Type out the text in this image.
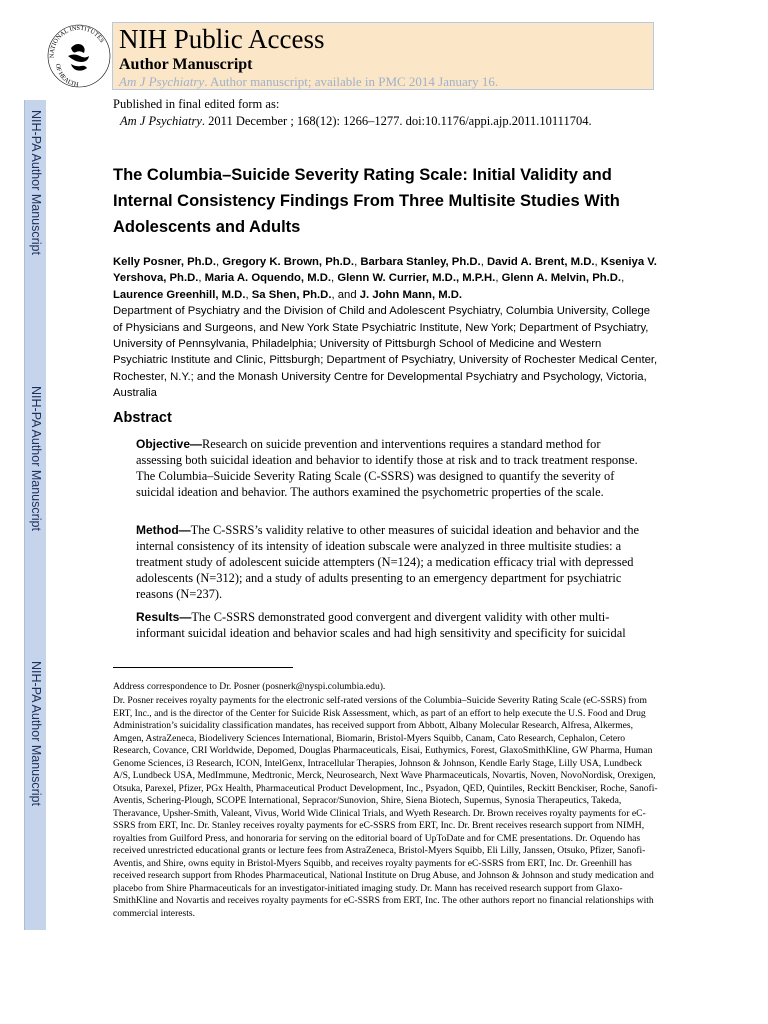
NIH-PA Author Manuscript
NIH-PA Author Manuscript
NIH-PA Author Manuscript
NATIONAL INSTITUTES
OF HEALTH
NIH Public Access
Author Manuscript
Am J Psychiatry. Author manuscript; available in PMC 2014 January 16.
Published in final edited form as:
Am J Psychiatry. 2011 December ; 168(12): 1266–1277. doi:10.1176/appi.ajp.2011.10111704.
The Columbia–Suicide Severity Rating Scale: Initial Validity and Internal Consistency Findings From Three Multisite Studies With Adolescents and Adults
Kelly Posner, Ph.D., Gregory K. Brown, Ph.D., Barbara Stanley, Ph.D., David A. Brent, M.D., Kseniya V. Yershova, Ph.D., Maria A. Oquendo, M.D., Glenn W. Currier, M.D., M.P.H., Glenn A. Melvin, Ph.D., Laurence Greenhill, M.D., Sa Shen, Ph.D., and J. John Mann, M.D.
Department of Psychiatry and the Division of Child and Adolescent Psychiatry, Columbia University, College of Physicians and Surgeons, and New York State Psychiatric Institute, New York; Department of Psychiatry, University of Pennsylvania, Philadelphia; University of Pittsburgh School of Medicine and Western Psychiatric Institute and Clinic, Pittsburgh; Department of Psychiatry, University of Rochester Medical Center, Rochester, N.Y.; and the Monash University Centre for Developmental Psychiatry and Psychology, Victoria, Australia
Abstract
Objective—Research on suicide prevention and interventions requires a standard method for assessing both suicidal ideation and behavior to identify those at risk and to track treatment response. The Columbia–Suicide Severity Rating Scale (C-SSRS) was designed to quantify the severity of suicidal ideation and behavior. The authors examined the psychometric properties of the scale.
Method—The C-SSRS’s validity relative to other measures of suicidal ideation and behavior and the internal consistency of its intensity of ideation subscale were analyzed in three multisite studies: a treatment study of adolescent suicide attempters (N=124); a medication efficacy trial with depressed adolescents (N=312); and a study of adults presenting to an emergency department for psychiatric reasons (N=237).
Results—The C-SSRS demonstrated good convergent and divergent validity with other multi-informant suicidal ideation and behavior scales and had high sensitivity and specificity for suicidal
Address correspondence to Dr. Posner (posnerk@nyspi.columbia.edu).
Dr. Posner receives royalty payments for the electronic self-rated versions of the Columbia–Suicide Severity Rating Scale (eC-SSRS) from ERT, Inc., and is the director of the Center for Suicide Risk Assessment, which, as part of an effort to help execute the U.S. Food and Drug Administration’s suicidality classification mandates, has received support from Abbott, Albany Molecular Research, Alfresa, Alkermes, Amgen, AstraZeneca, Biodelivery Sciences International, Biomarin, Bristol-Myers Squibb, Canam, Cato Research, Cephalon, Cetero Research, Covance, CRI Worldwide, Depomed, Douglas Pharmaceuticals, Eisai, Euthymics, Forest, GlaxoSmithKline, GW Pharma, Human Genome Sciences, i3 Research, ICON, IntelGenx, Intracellular Therapies, Johnson & Johnson, Kendle Early Stage, Lilly USA, Lundbeck A/S, Lundbeck USA, MedImmune, Medtronic, Merck, Neurosearch, Next Wave Pharmaceuticals, Novartis, Noven, NovoNordisk, Orexigen, Otsuka, Parexel, Pfizer, PGx Health, Pharmaceutical Product Development, Inc., Psyadon, QED, Quintiles, Reckitt Benckiser, Roche, Sanofi-Aventis, Schering-Plough, SCOPE International, Sepracor/Sunovion, Shire, Siena Biotech, Supernus, Synosia Therapeutics, Takeda, Theravance, Upsher-Smith, Valeant, Vivus, World Wide Clinical Trials, and Wyeth Research. Dr. Brown receives royalty payments for eC-SSRS from ERT, Inc. Dr. Stanley receives royalty payments for eC-SSRS from ERT, Inc. Dr. Brent receives research support from NIMH, royalties from Guilford Press, and honoraria for serving on the editorial board of UpToDate and for CME presentations. Dr. Oquendo has received unrestricted educational grants or lecture fees from AstraZeneca, Bristol-Myers Squibb, Eli Lilly, Janssen, Otsuko, Pfizer, Sanofi-Aventis, and Shire, owns equity in Bristol-Myers Squibb, and receives royalty payments for eC-SSRS from ERT, Inc. Dr. Greenhill has received research support from Rhodes Pharmaceutical, National Institute on Drug Abuse, and Johnson & Johnson and study medication and placebo from Shire Pharmaceuticals for an investigator-initiated imaging study. Dr. Mann has received research support from Glaxo-SmithKline and Novartis and receives royalty payments for eC-SSRS from ERT, Inc. The other authors report no financial relationships with commercial interests.
